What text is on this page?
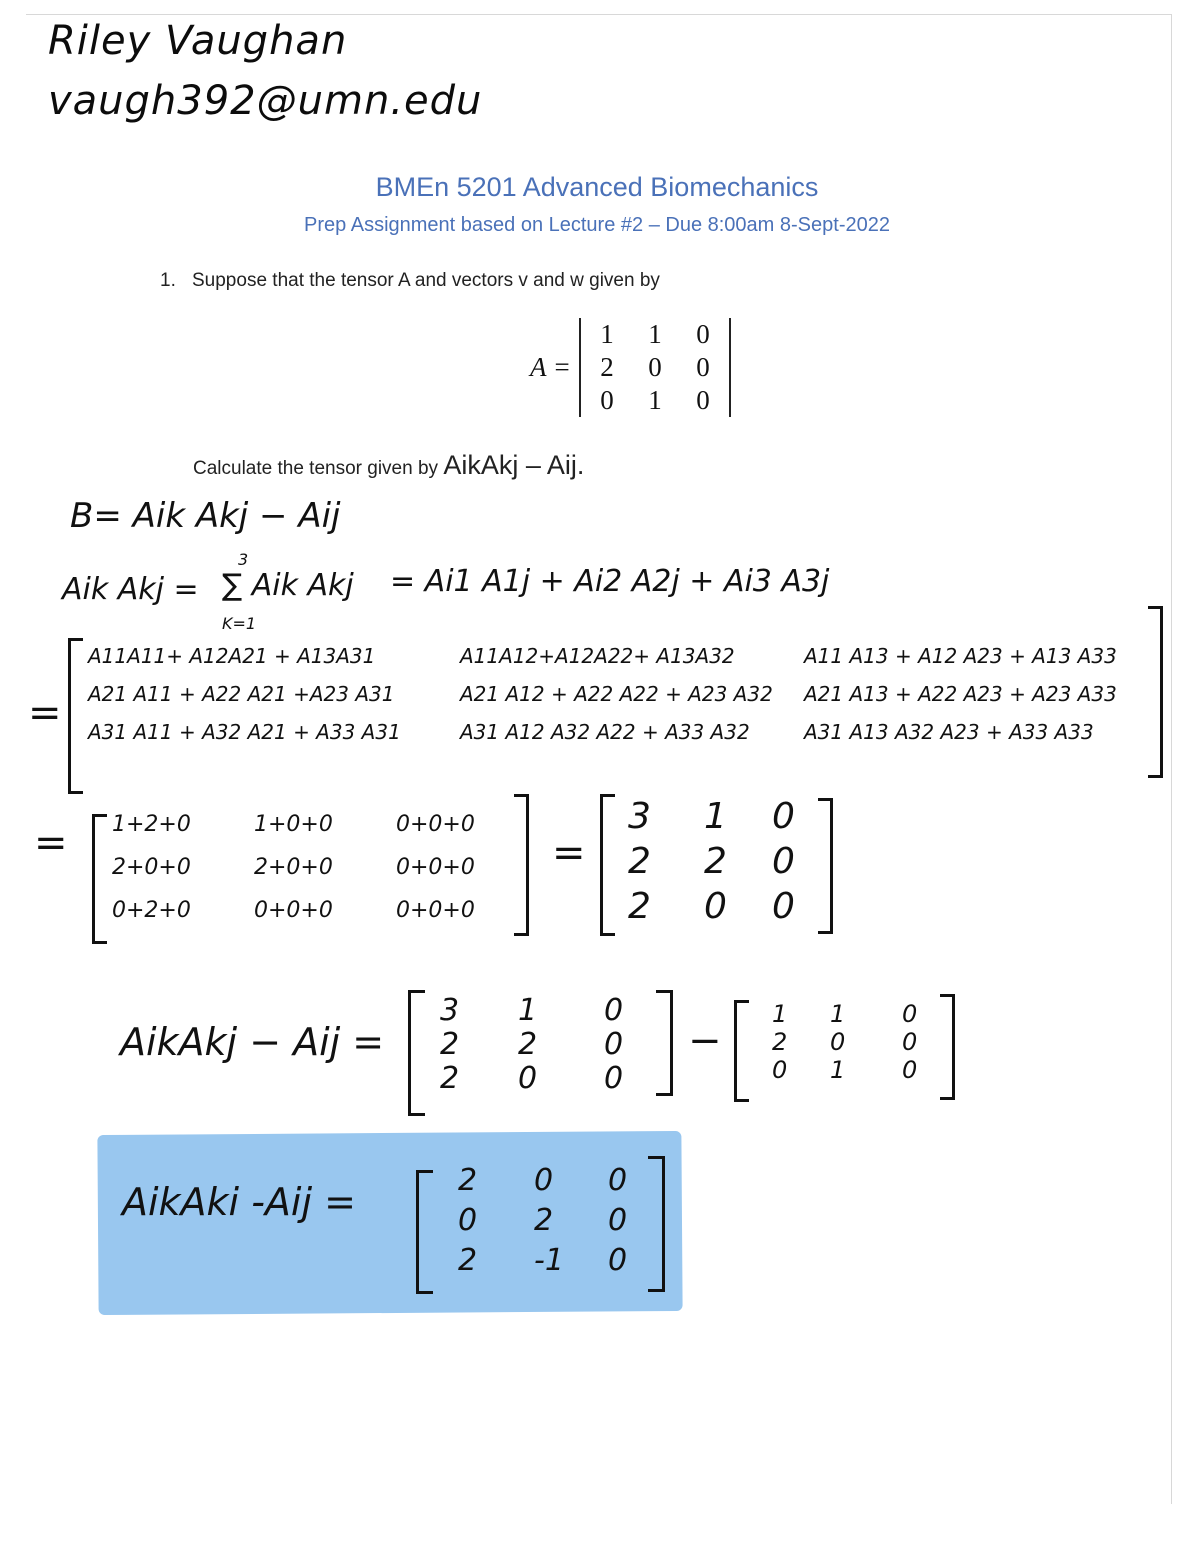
Riley Vaughan
vaugh392@umn.edu
BMEn 5201 Advanced Biomechanics
Prep Assignment based on Lecture #2 – Due 8:00am 8-Sept-2022
1. Suppose that the tensor A and vectors v and w given by
A =
1	1	0
2	0	0
0	1	0
Calculate the tensor given by AikAkj – Aij.
B= Aik Akj − Aij
Aik Akj =
3
∑ Aik Akj
K=1
= Ai1 A1j + Ai2 A2j + Ai3 A3j
=
A11A11+ A12A21 + A13A31	A11A12+A12A22+ A13A32	A11 A13 + A12 A23 + A13 A33
A21 A11 + A22 A21 +A23 A31	A21 A12 + A22 A22 + A23 A32	A21 A13 + A22 A23 + A23 A33
A31 A11 + A32 A21 + A33 A31	A31 A12 A32 A22 + A33 A32	A31 A13 A32 A23 + A33 A33
= 1+2+0	1+0+0	0+0+0
2+0+0	2+0+0	0+0+0
0+2+0	0+0+0	0+0+0
=
3	1	0
2	2	0
2	0	0
AikAkj − Aij =
3	1	0
2	2	0
2	0	0
−
1	1	0
2	0	0
0	1	0
AikAki -Aij =	2	0	0
0	2	0
2	-1	0
